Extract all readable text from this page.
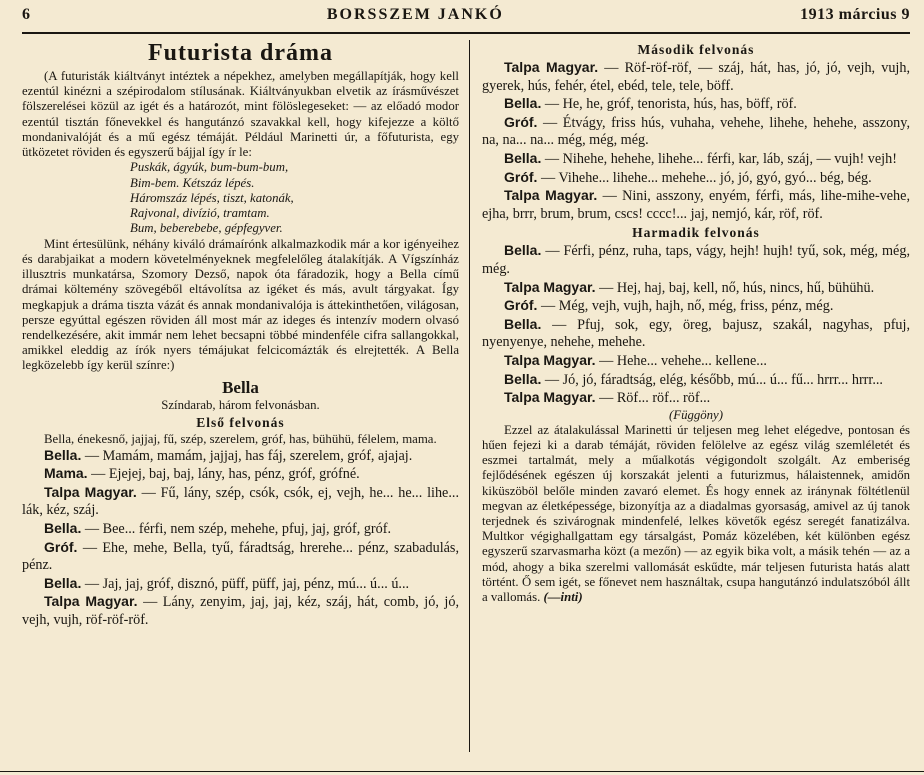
6	BORSSZEM JANKÓ	1913 március 9
Futurista dráma

(A futuristák kiáltványt intéztek a népekhez, amelyben megállapítják, hogy kell ezentúl kinézni a szépirodalom stílusának. Kiáltványukban elvetik az írásművészet fölszerelései közül az igét és a határozót, mint fölöslegeseket: — az előadó modor ezentúl tisztán főnevekkel és hangutánzó szavakkal kell, hogy kifejezze a költő mondanivalóját és a mű egész témáját. Például Marinetti úr, a főfuturista, egy ütközetet röviden és egyszerű bájjal így ír le:

Puskák, ágyúk, bum-bum-bum,

Bim-bem. Kétszáz lépés.

Háromszáz lépés, tiszt, katonák,

Rajvonal, divízió, tramtam.

Bum, beberebebe, gépfegyver.

Mint értesülünk, néhány kiváló drámaírónk alkalmazkodik már a kor igényeihez és darabjaikat a modern követelményeknek megfelelőleg átalakítják. A Vígszínház illusztris munkatársa, Szomory Dezső, napok óta fáradozik, hogy a Bella című drámai költemény szövegéből eltávolítsa az igéket és más, avult tárgyakat. Így megkapjuk a dráma tiszta vázát és annak mondanivalója is áttekinthetően, világosan, persze egyúttal egészen röviden áll most már az ideges és intenzív modern olvasó rendelkezésére, akit immár nem lehet becsapni többé mindenféle cifra sallangokkal, amikkel eleddig az írók nyers témájukat felcicomázták és elrejtették. A Bella legközelebb így kerül színre:)

Bella
Színdarab, három felvonásban.
Első felvonás

Bella, énekesnő, jajjaj, fű, szép, szerelem, gróf, has, bühühü, félelem, mama.

Bella. — Mamám, mamám, jajjaj, has fáj, szerelem, gróf, ajajaj.

Mama. — Ejejej, baj, baj, lány, has, pénz, gróf, grófné.

Talpa Magyar. — Fű, lány, szép, csók, csók, ej, vejh, he... he... lihe... lák, kéz, száj.

Bella. — Bee... férfi, nem szép, mehehe, pfuj, jaj, gróf, gróf.

Gróf. — Ehe, mehe, Bella, tyű, fáradtság, hrerehe... pénz, szabadulás, pénz.

Bella. — Jaj, jaj, gróf, disznó, püff, püff, jaj, pénz, mú... ú... ú...

Talpa Magyar. — Lány, zenyim, jaj, jaj, kéz, száj, hát, comb, jó, jó, vejh, vujh, röf-röf-röf.

Második felvonás

Talpa Magyar. — Röf-röf-röf, — száj, hát, has, jó, jó, vejh, vujh, gyerek, hús, fehér, étel, ebéd, tele, tele, böff.

Bella. — He, he, gróf, tenorista, hús, has, böff, röf.

Gróf. — Étvágy, friss hús, vuhaha, vehehe, lihehe, hehehe, asszony, na, na... na... még, még, még.

Bella. — Nihehe, hehehe, lihehe... férfi, kar, láb, száj, — vujh! vejh!

Gróf. — Vihehe... lihehe... mehehe... jó, jó, gyó, gyó... bég, bég.

Talpa Magyar. — Nini, asszony, enyém, férfi, más, lihe-mihe-vehe, ejha, brrr, brum, brum, cscs! cccc!... jaj, nemjó, kár, röf, röf.

Harmadik felvonás

Bella. — Férfi, pénz, ruha, taps, vágy, hejh! hujh! tyű, sok, még, még, még.

Talpa Magyar. — Hej, haj, baj, kell, nő, hús, nincs, hű, bühühü.

Gróf. — Még, vejh, vujh, hajh, nő, még, friss, pénz, még.

Bella. — Pfuj, sok, egy, öreg, bajusz, szakál, nagyhas, pfuj, nyenyenye, nehehe, mehehe.

Talpa Magyar. — Hehe... vehehe... kellene...

Bella. — Jó, jó, fáradtság, elég, később, mú... ú... fű... hrrr... hrrr...

Talpa Magyar. — Röf... röf... röf...

(Függöny)

Ezzel az átalakulással Marinetti úr teljesen meg lehet elégedve, pontosan és hűen fejezi ki a darab témáját, röviden felölelve az egész világ szemléletét és eszmei tartalmát, mely a műalkotás végigondolt szolgált. Az emberiség fejlődésének egészen új korszakát jelenti a futurizmus, hálaistennek, amidőn kiküszöböl belőle minden zavaró elemet. És hogy ennek az iránynak föltétlenül megvan az életképessége, bizonyítja az a diadalmas gyorsaság, amivel az új tanok terjednek és szivárognak mindenfelé, lelkes követők egész seregét fanatizálva. Multkor végighallgattam egy társalgást, Pomáz közelében, két különben egész egyszerű szarvasmarha közt (a mezőn) — az egyik bika volt, a másik tehén — az a mód, ahogy a bika szerelmi vallomását eskűdte, már teljesen futurista hatás alatt történt. Ő sem igét, se főnevet nem használtak, csupa hangutánzó indulatszóból állt a vallomás. (—inti)
